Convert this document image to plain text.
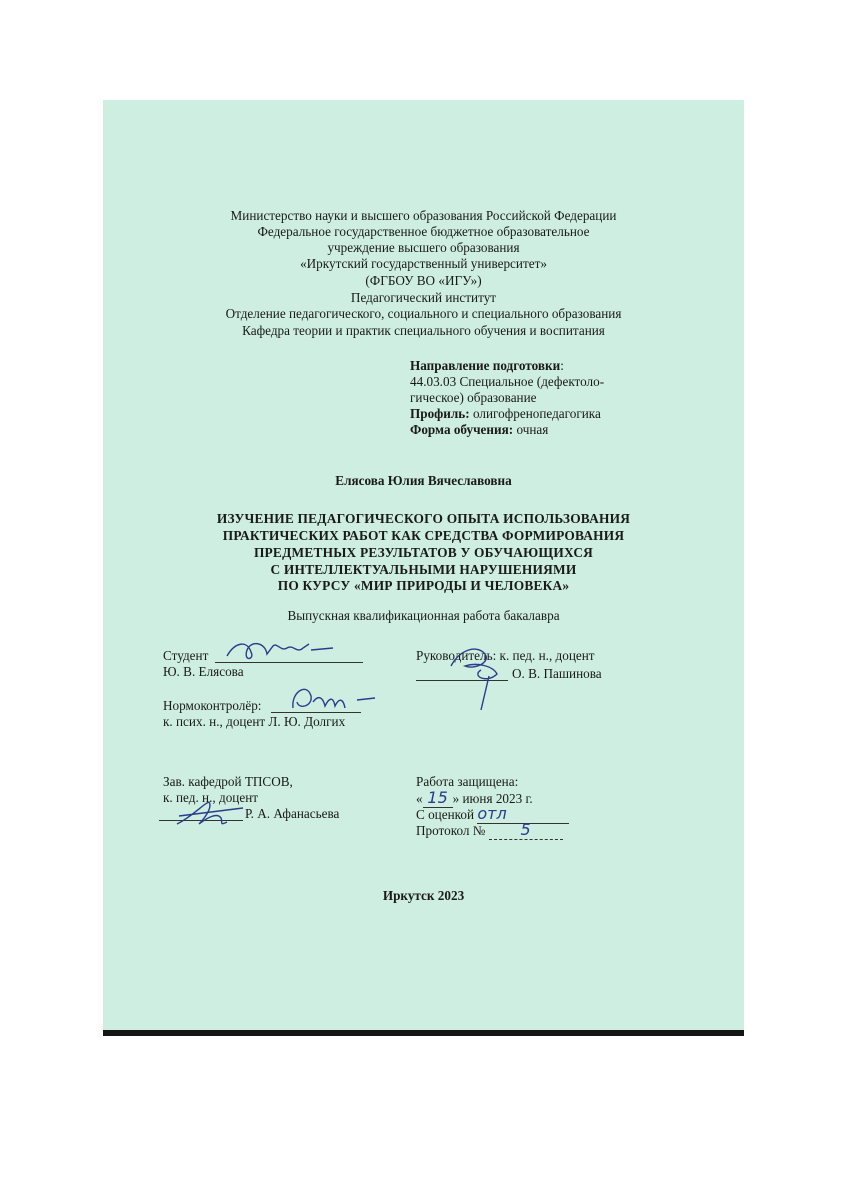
Министерство науки и высшего образования Российской Федерации
Федеральное государственное бюджетное образовательное
учреждение высшего образования
«Иркутский государственный университет»
(ФГБОУ ВО «ИГУ»)
Педагогический институт
Отделение педагогического, социального и специального образования
Кафедра теории и практик специального обучения и воспитания
Направление подготовки:
44.03.03 Специальное (дефектоло-
гическое) образование
Профиль: олигофренопедагогика
Форма обучения: очная
Елясова Юлия Вячеславовна
ИЗУЧЕНИЕ ПЕДАГОГИЧЕСКОГО ОПЫТА ИСПОЛЬЗОВАНИЯ
ПРАКТИЧЕСКИХ РАБОТ КАК СРЕДСТВА ФОРМИРОВАНИЯ
ПРЕДМЕТНЫХ РЕЗУЛЬТАТОВ У ОБУЧАЮЩИХСЯ
С ИНТЕЛЛЕКТУАЛЬНЫМИ НАРУШЕНИЯМИ
ПО КУРСУ «МИР ПРИРОДЫ И ЧЕЛОВЕКА»
Выпускная квалификационная работа бакалавра
Студент
Ю. В. Елясова
Руководитель: к. пед. н., доцент
О. В. Пашинова
Нормоконтролёр:
к. псих. н., доцент Л. Ю. Долгих
Зав. кафедрой ТПСОВ,
к. пед. н., доцент
Р. А. Афанасьева
Работа защищена:
« 15 » июня 2023 г.
С оценкой отл
Протокол № 5
Иркутск 2023
